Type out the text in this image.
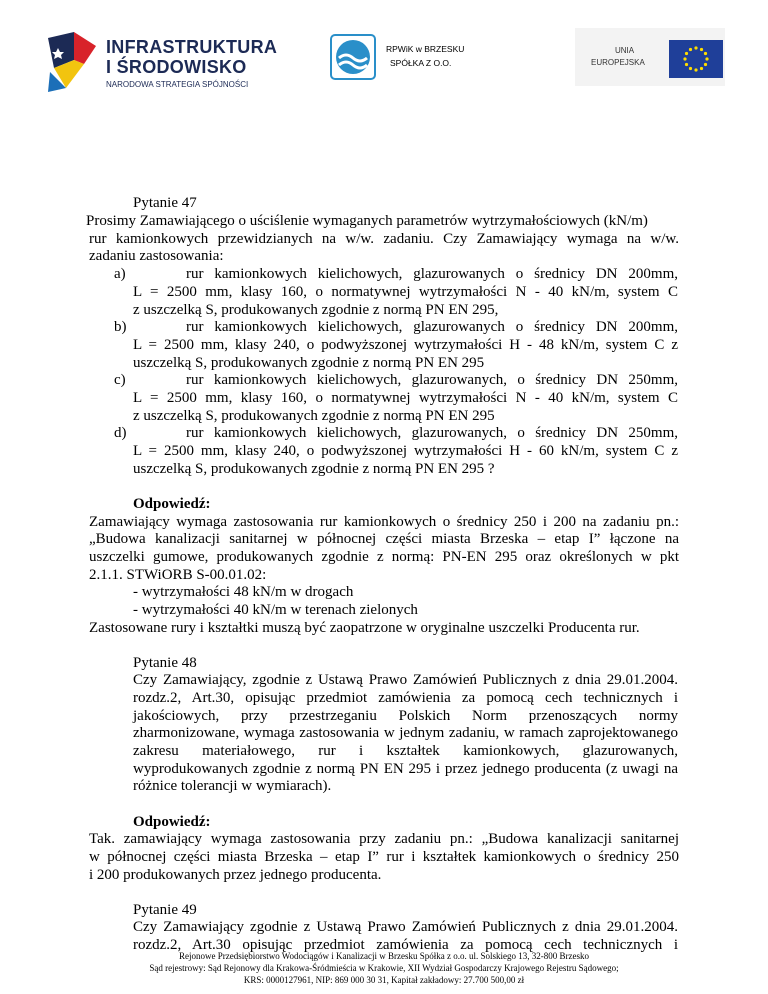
INFRASTRUKTURA
I ŚRODOWISKO
NARODOWA STRATEGIA SPÓJNOŚCI
RPWiK w BRZESKU
SPÓŁKA Z O.O.
UNIA
EUROPEJSKA
Pytanie 47
Prosimy Zamawiającego o uściślenie wymaganych parametrów wytrzymałościowych (kN/m)
rur kamionkowych przewidzianych na w/w. zadaniu. Czy Zamawiający wymaga na w/w.
zadaniu zastosowania:
a)	rur kamionkowych kielichowych, glazurowanych o średnicy DN 200mm,
L = 2500 mm, klasy 160, o normatywnej wytrzymałości N - 40 kN/m, system C
z uszczelką S, produkowanych zgodnie z normą PN EN 295,
b)	rur kamionkowych kielichowych, glazurowanych o średnicy DN 200mm,
L = 2500 mm, klasy 240, o podwyższonej wytrzymałości H - 48 kN/m, system C z
uszczelką S, produkowanych zgodnie z normą PN EN 295
c)	rur kamionkowych kielichowych, glazurowanych, o średnicy DN 250mm,
L = 2500 mm, klasy 160, o normatywnej wytrzymałości N - 40 kN/m, system C
z uszczelką S, produkowanych zgodnie z normą PN EN 295
d)	rur kamionkowych kielichowych, glazurowanych, o średnicy DN 250mm,
L = 2500 mm, klasy 240, o podwyższonej wytrzymałości H - 60 kN/m, system C z
uszczelką S, produkowanych zgodnie z normą PN EN 295 ?
Odpowiedź:
Zamawiający wymaga zastosowania rur kamionkowych o średnicy 250 i 200 na zadaniu pn.:
„Budowa kanalizacji sanitarnej w północnej części miasta Brzeska – etap I” łączone na
uszczelki gumowe, produkowanych zgodnie z normą: PN-EN 295 oraz określonych w pkt
2.1.1. STWiORB S-00.01.02:
- wytrzymałości 48 kN/m w drogach
- wytrzymałości 40 kN/m w terenach zielonych
Zastosowane rury i kształtki muszą być zaopatrzone w oryginalne uszczelki Producenta rur.
Pytanie 48
Czy Zamawiający, zgodnie z Ustawą Prawo Zamówień Publicznych z dnia 29.01.2004.
rozdz.2, Art.30, opisując przedmiot zamówienia za pomocą cech technicznych i
jakościowych, przy przestrzeganiu Polskich Norm przenoszących normy
zharmonizowane, wymaga zastosowania w jednym zadaniu, w ramach zaprojektowanego
zakresu materiałowego, rur i kształtek kamionkowych, glazurowanych,
wyprodukowanych zgodnie z normą PN EN 295 i przez jednego producenta (z uwagi na
różnice tolerancji w wymiarach).
Odpowiedź:
Tak. zamawiający wymaga zastosowania przy zadaniu pn.: „Budowa kanalizacji sanitarnej
w północnej części miasta Brzeska – etap I” rur i kształtek kamionkowych o średnicy 250
i 200 produkowanych przez jednego producenta.
Pytanie 49
Czy Zamawiający zgodnie z Ustawą Prawo Zamówień Publicznych z dnia 29.01.2004.
rozdz.2, Art.30 opisując przedmiot zamówienia za pomocą cech technicznych i
Rejonowe Przedsiębiorstwo Wodociągów i Kanalizacji w Brzesku Spółka z o.o. ul. Solskiego 13, 32-800 Brzesko
Sąd rejestrowy: Sąd Rejonowy dla Krakowa-Śródmieścia w Krakowie, XII Wydział Gospodarczy Krajowego Rejestru Sądowego;
KRS: 0000127961, NIP: 869 000 30 31, Kapitał zakładowy: 27.700 500,00 zł
